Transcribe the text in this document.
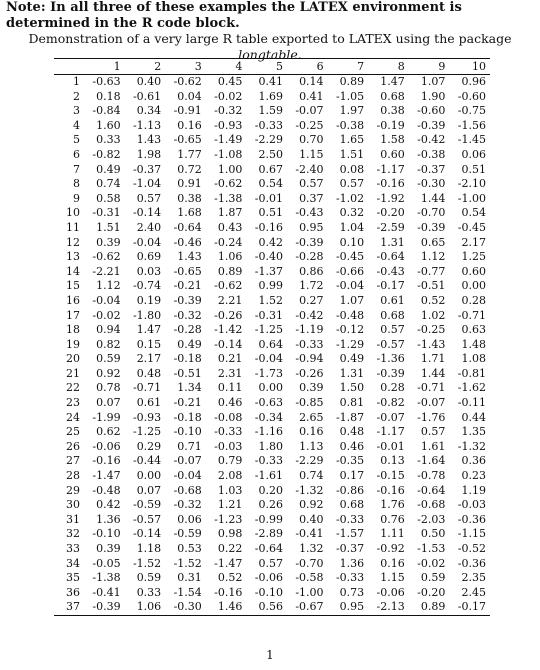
Note: In all three of these examples the LATEX environment is determined in the R code block.
Demonstration of a very large R table exported to LATEX using the package longtable.
	1	2	3	4	5	6	7	8	9	10
1	-0.63	0.40	-0.62	0.45	0.41	0.14	0.89	1.47	1.07	0.96
2	0.18	-0.61	0.04	-0.02	1.69	0.41	-1.05	0.68	1.90	-0.60
3	-0.84	0.34	-0.91	-0.32	1.59	-0.07	1.97	0.38	-0.60	-0.75
4	1.60	-1.13	0.16	-0.93	-0.33	-0.25	-0.38	-0.19	-0.39	-1.56
5	0.33	1.43	-0.65	-1.49	-2.29	0.70	1.65	1.58	-0.42	-1.45
6	-0.82	1.98	1.77	-1.08	2.50	1.15	1.51	0.60	-0.38	0.06
7	0.49	-0.37	0.72	1.00	0.67	-2.40	0.08	-1.17	-0.37	0.51
8	0.74	-1.04	0.91	-0.62	0.54	0.57	0.57	-0.16	-0.30	-2.10
9	0.58	0.57	0.38	-1.38	-0.01	0.37	-1.02	-1.92	1.44	-1.00
10	-0.31	-0.14	1.68	1.87	0.51	-0.43	0.32	-0.20	-0.70	0.54
11	1.51	2.40	-0.64	0.43	-0.16	0.95	1.04	-2.59	-0.39	-0.45
12	0.39	-0.04	-0.46	-0.24	0.42	-0.39	0.10	1.31	0.65	2.17
13	-0.62	0.69	1.43	1.06	-0.40	-0.28	-0.45	-0.64	1.12	1.25
14	-2.21	0.03	-0.65	0.89	-1.37	0.86	-0.66	-0.43	-0.77	0.60
15	1.12	-0.74	-0.21	-0.62	0.99	1.72	-0.04	-0.17	-0.51	0.00
16	-0.04	0.19	-0.39	2.21	1.52	0.27	1.07	0.61	0.52	0.28
17	-0.02	-1.80	-0.32	-0.26	-0.31	-0.42	-0.48	0.68	1.02	-0.71
18	0.94	1.47	-0.28	-1.42	-1.25	-1.19	-0.12	0.57	-0.25	0.63
19	0.82	0.15	0.49	-0.14	0.64	-0.33	-1.29	-0.57	-1.43	1.48
20	0.59	2.17	-0.18	0.21	-0.04	-0.94	0.49	-1.36	1.71	1.08
21	0.92	0.48	-0.51	2.31	-1.73	-0.26	1.31	-0.39	1.44	-0.81
22	0.78	-0.71	1.34	0.11	0.00	0.39	1.50	0.28	-0.71	-1.62
23	0.07	0.61	-0.21	0.46	-0.63	-0.85	0.81	-0.82	-0.07	-0.11
24	-1.99	-0.93	-0.18	-0.08	-0.34	2.65	-1.87	-0.07	-1.76	0.44
25	0.62	-1.25	-0.10	-0.33	-1.16	0.16	0.48	-1.17	0.57	1.35
26	-0.06	0.29	0.71	-0.03	1.80	1.13	0.46	-0.01	1.61	-1.32
27	-0.16	-0.44	-0.07	0.79	-0.33	-2.29	-0.35	0.13	-1.64	0.36
28	-1.47	0.00	-0.04	2.08	-1.61	0.74	0.17	-0.15	-0.78	0.23
29	-0.48	0.07	-0.68	1.03	0.20	-1.32	-0.86	-0.16	-0.64	1.19
30	0.42	-0.59	-0.32	1.21	0.26	0.92	0.68	1.76	-0.68	-0.03
31	1.36	-0.57	0.06	-1.23	-0.99	0.40	-0.33	0.76	-2.03	-0.36
32	-0.10	-0.14	-0.59	0.98	-2.89	-0.41	-1.57	1.11	0.50	-1.15
33	0.39	1.18	0.53	0.22	-0.64	1.32	-0.37	-0.92	-1.53	-0.52
34	-0.05	-1.52	-1.52	-1.47	0.57	-0.70	1.36	0.16	-0.02	-0.36
35	-1.38	0.59	0.31	0.52	-0.06	-0.58	-0.33	1.15	0.59	2.35
36	-0.41	0.33	-1.54	-0.16	-0.10	-1.00	0.73	-0.06	-0.20	2.45
37	-0.39	1.06	-0.30	1.46	0.56	-0.67	0.95	-2.13	0.89	-0.17
1
